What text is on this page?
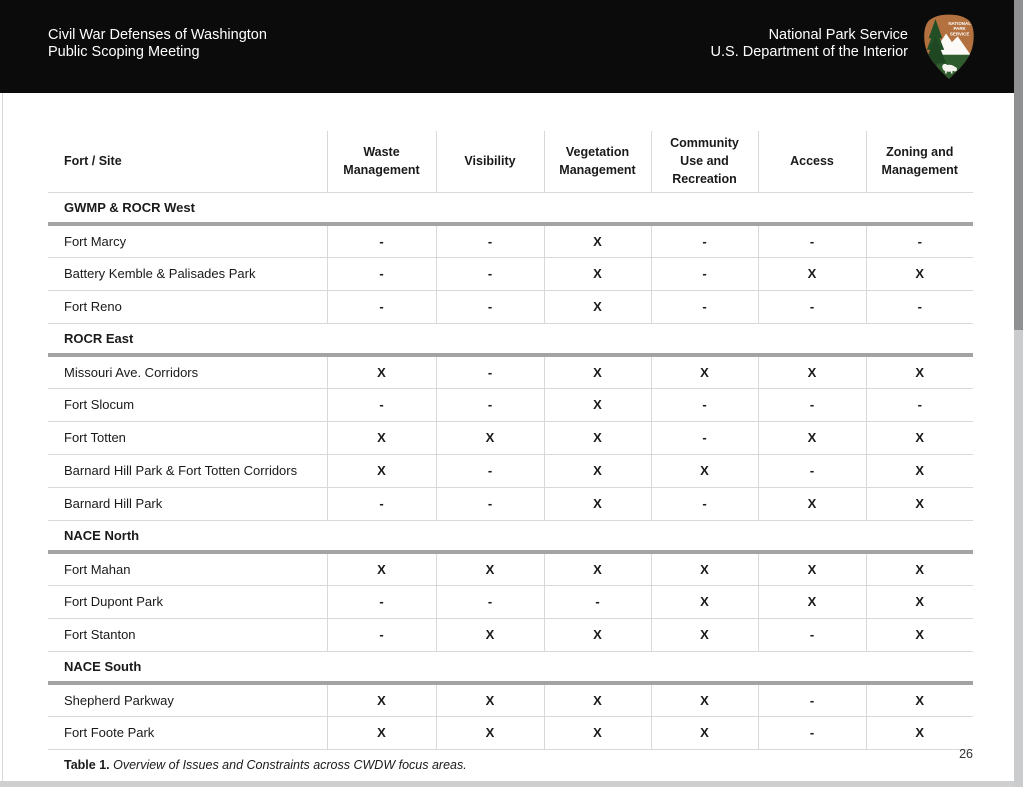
Civil War Defenses of Washington
Public Scoping Meeting
National Park Service
U.S. Department of the Interior
NATIONAL
PARK
SERVICE
Fort / Site	Waste Management	Visibility	Vegetation Management	Community Use and Recreation	Access	Zoning and Management
GWMP & ROCR West						
Fort Marcy	-	-	X	-	-	-
Battery Kemble & Palisades Park	-	-	X	-	X	X
Fort Reno	-	-	X	-	-	-
ROCR East						
Missouri Ave. Corridors	X	-	X	X	X	X
Fort Slocum	-	-	X	-	-	-
Fort Totten	X	X	X	-	X	X
Barnard Hill Park & Fort Totten Corridors	X	-	X	X	-	X
Barnard Hill Park	-	-	X	-	X	X
NACE North						
Fort Mahan	X	X	X	X	X	X
Fort Dupont Park	-	-	-	X	X	X
Fort Stanton	-	X	X	X	-	X
NACE South						
Shepherd Parkway	X	X	X	X	-	X
Fort Foote Park	X	X	X	X	-	X
Table 1. Overview of Issues and Constraints across CWDW focus areas.
26
